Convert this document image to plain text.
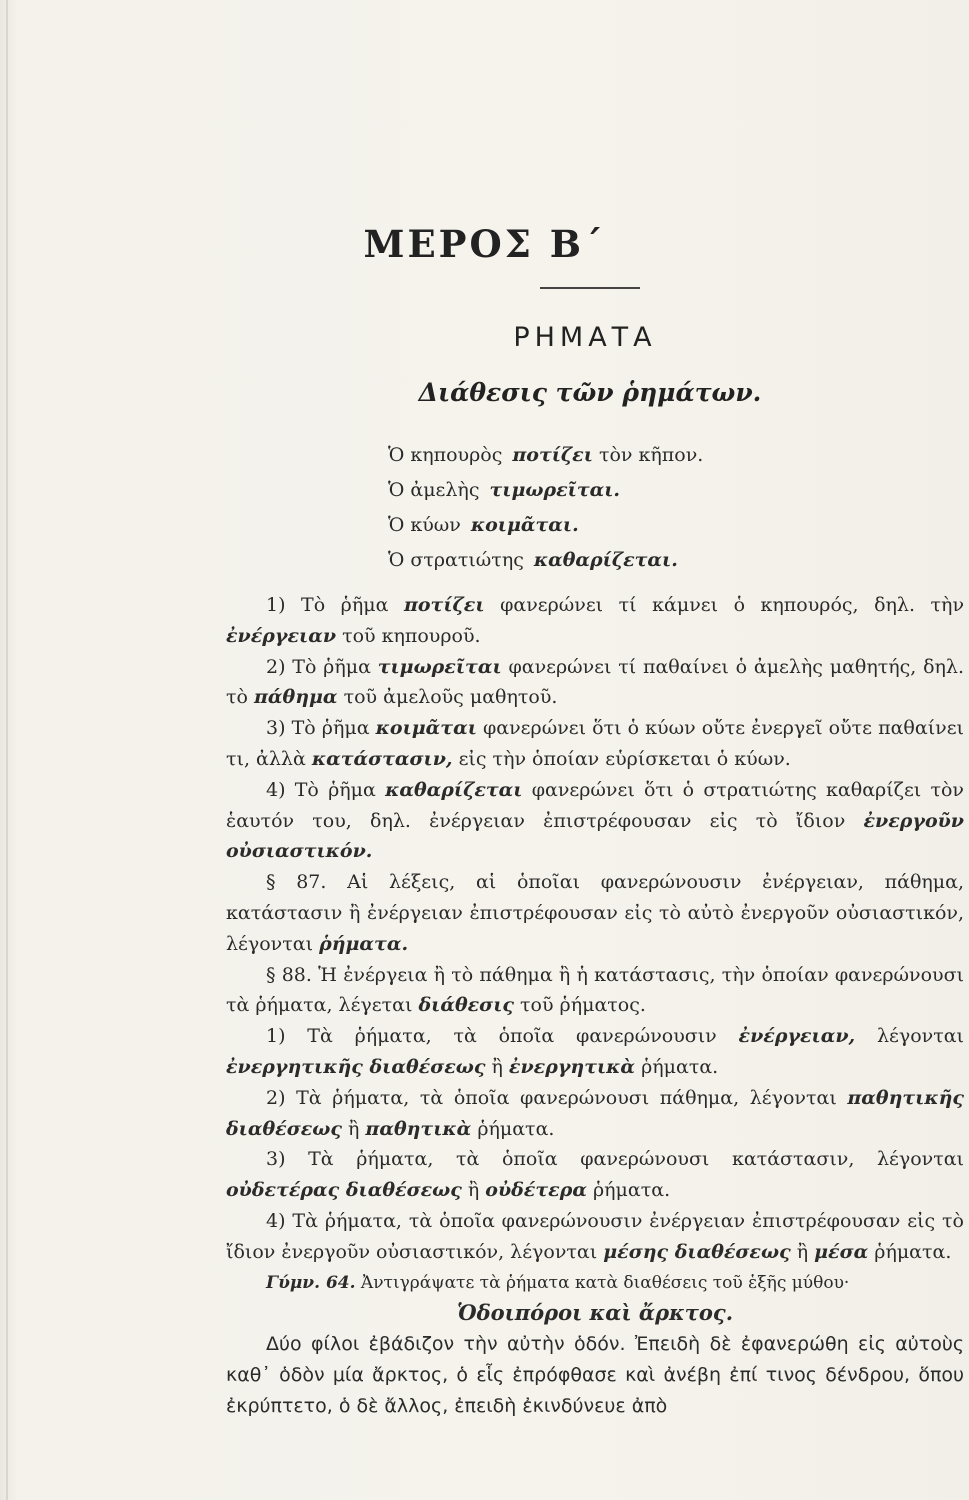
ΜΕΡΟΣ Β΄
ΡΗΜΑΤΑ
Διάθεσις τῶν ῥημάτων.
Ὁ κηπουρὸς ποτίζει τὸν κῆπον.
Ὁ ἀμελὴς τιμωρεῖται.
Ὁ κύων κοιμᾶται.
Ὁ στρατιώτης καθαρίζεται.

1) Τὸ ῥῆμα ποτίζει φανερώνει τί κάμνει ὁ κηπουρός, δηλ. τὴν ἐνέργειαν τοῦ κηπουροῦ.

2) Τὸ ῥῆμα τιμωρεῖται φανερώνει τί παθαίνει ὁ ἀμελὴς μαθητής, δηλ. τὸ πάθημα τοῦ ἀμελοῦς μαθητοῦ.

3) Τὸ ῥῆμα κοιμᾶται φανερώνει ὅτι ὁ κύων οὔτε ἐνεργεῖ οὔτε παθαίνει τι, ἀλλὰ κατάστασιν, εἰς τὴν ὁποίαν εὑρίσκεται ὁ κύων.

4) Τὸ ῥῆμα καθαρίζεται φανερώνει ὅτι ὁ στρατιώτης καθαρίζει τὸν ἑαυτόν του, δηλ. ἐνέργειαν ἐπιστρέφουσαν εἰς τὸ ἴδιον ἐνεργοῦν οὐσιαστικόν.

§ 87. Αἱ λέξεις, αἱ ὁποῖαι φανερώνουσιν ἐνέργειαν, πάθημα, κατάστασιν ἢ ἐνέργειαν ἐπιστρέφουσαν εἰς τὸ αὐτὸ ἐνεργοῦν οὐσιαστικόν, λέγονται ῥήματα.

§ 88. Ἡ ἐνέργεια ἢ τὸ πάθημα ἢ ἡ κατάστασις, τὴν ὁποίαν φανερώνουσι τὰ ῥήματα, λέγεται διάθεσις τοῦ ῥήματος.

1) Τὰ ῥήματα, τὰ ὁποῖα φανερώνουσιν ἐνέργειαν, λέγονται ἐνεργητικῆς διαθέσεως ἢ ἐνεργητικὰ ῥήματα.

2) Τὰ ῥήματα, τὰ ὁποῖα φανερώνουσι πάθημα, λέγονται παθητικῆς διαθέσεως ἢ παθητικὰ ῥήματα.

3) Τὰ ῥήματα, τὰ ὁποῖα φανερώνουσι κατάστασιν, λέγονται οὐδετέρας διαθέσεως ἢ οὐδέτερα ῥήματα.

4) Τὰ ῥήματα, τὰ ὁποῖα φανερώνουσιν ἐνέργειαν ἐπιστρέφουσαν εἰς τὸ ἴδιον ἐνεργοῦν οὐσιαστικόν, λέγονται μέσης διαθέσεως ἢ μέσα ῥήματα.

Γύμν. 64. Ἀντιγράψατε τὰ ῥήματα κατὰ διαθέσεις τοῦ ἑξῆς μύθου·

Ὁδοιπόροι καὶ ἄρκτος.

Δύο φίλοι ἐβάδιζον τὴν αὐτὴν ὁδόν. Ἐπειδὴ δὲ ἐφανερώθη εἰς αὐτοὺς καθ᾿ ὁδὸν μία ἄρκτος, ὁ εἷς ἐπρόφθασε καὶ ἀνέβη ἐπί τινος δένδρου, ὅπου ἐκρύπτετο, ὁ δὲ ἄλλος, ἐπειδὴ ἐκινδύνευε ἀπὸ
